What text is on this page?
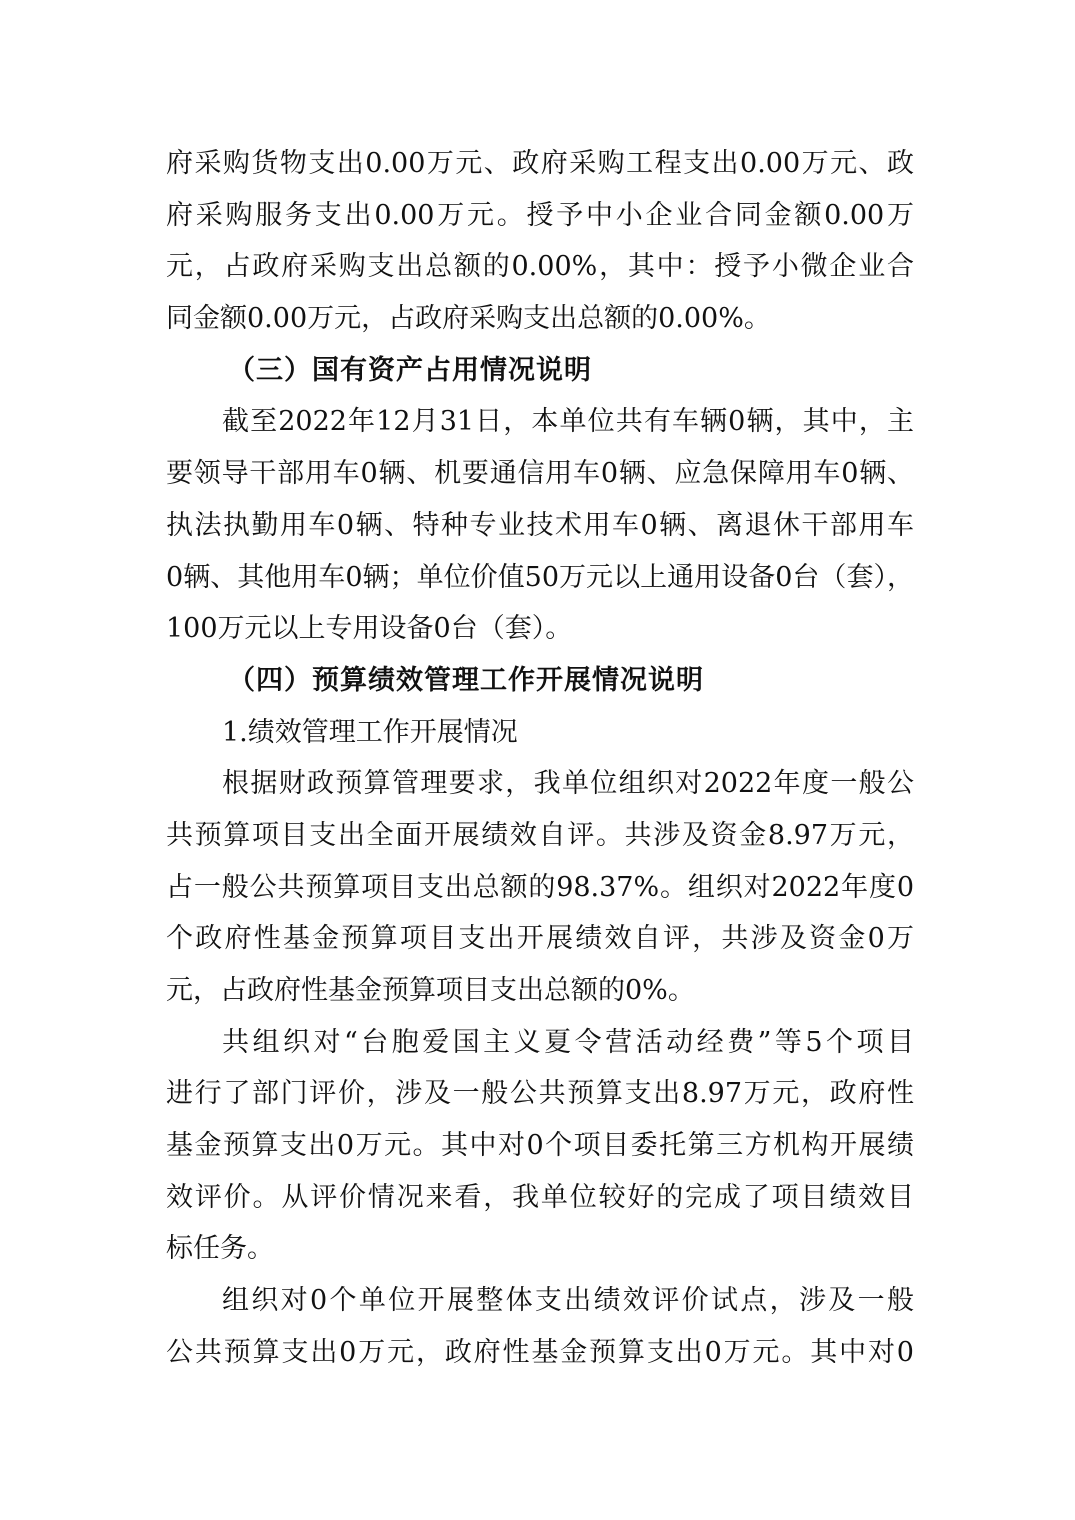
府采购货物支出0.00万元、政府采购工程支出0.00万元、政
府采购服务支出0.00万元。授予中小企业合同金额0.00万
元，占政府采购支出总额的0.00%，其中：授予小微企业合
同金额0.00万元，占政府采购支出总额的0.00%。
（三）国有资产占用情况说明
截至2022年12月31日，本单位共有车辆0辆，其中，主
要领导干部用车0辆、机要通信用车0辆、应急保障用车0辆、
执法执勤用车0辆、特种专业技术用车0辆、离退休干部用车
0辆、其他用车0辆；单位价值50万元以上通用设备0台（套），
100万元以上专用设备0台（套）。
（四）预算绩效管理工作开展情况说明
1.绩效管理工作开展情况
根据财政预算管理要求，我单位组织对2022年度一般公
共预算项目支出全面开展绩效自评。共涉及资金8.97万元，
占一般公共预算项目支出总额的98.37%。组织对2022年度0
个政府性基金预算项目支出开展绩效自评，共涉及资金0万
元，占政府性基金预算项目支出总额的0%。
共组织对“台胞爱国主义夏令营活动经费”等5个项目
进行了部门评价，涉及一般公共预算支出8.97万元，政府性
基金预算支出0万元。其中对0个项目委托第三方机构开展绩
效评价。从评价情况来看，我单位较好的完成了项目绩效目
标任务。
组织对0个单位开展整体支出绩效评价试点，涉及一般
公共预算支出0万元，政府性基金预算支出0万元。其中对0
